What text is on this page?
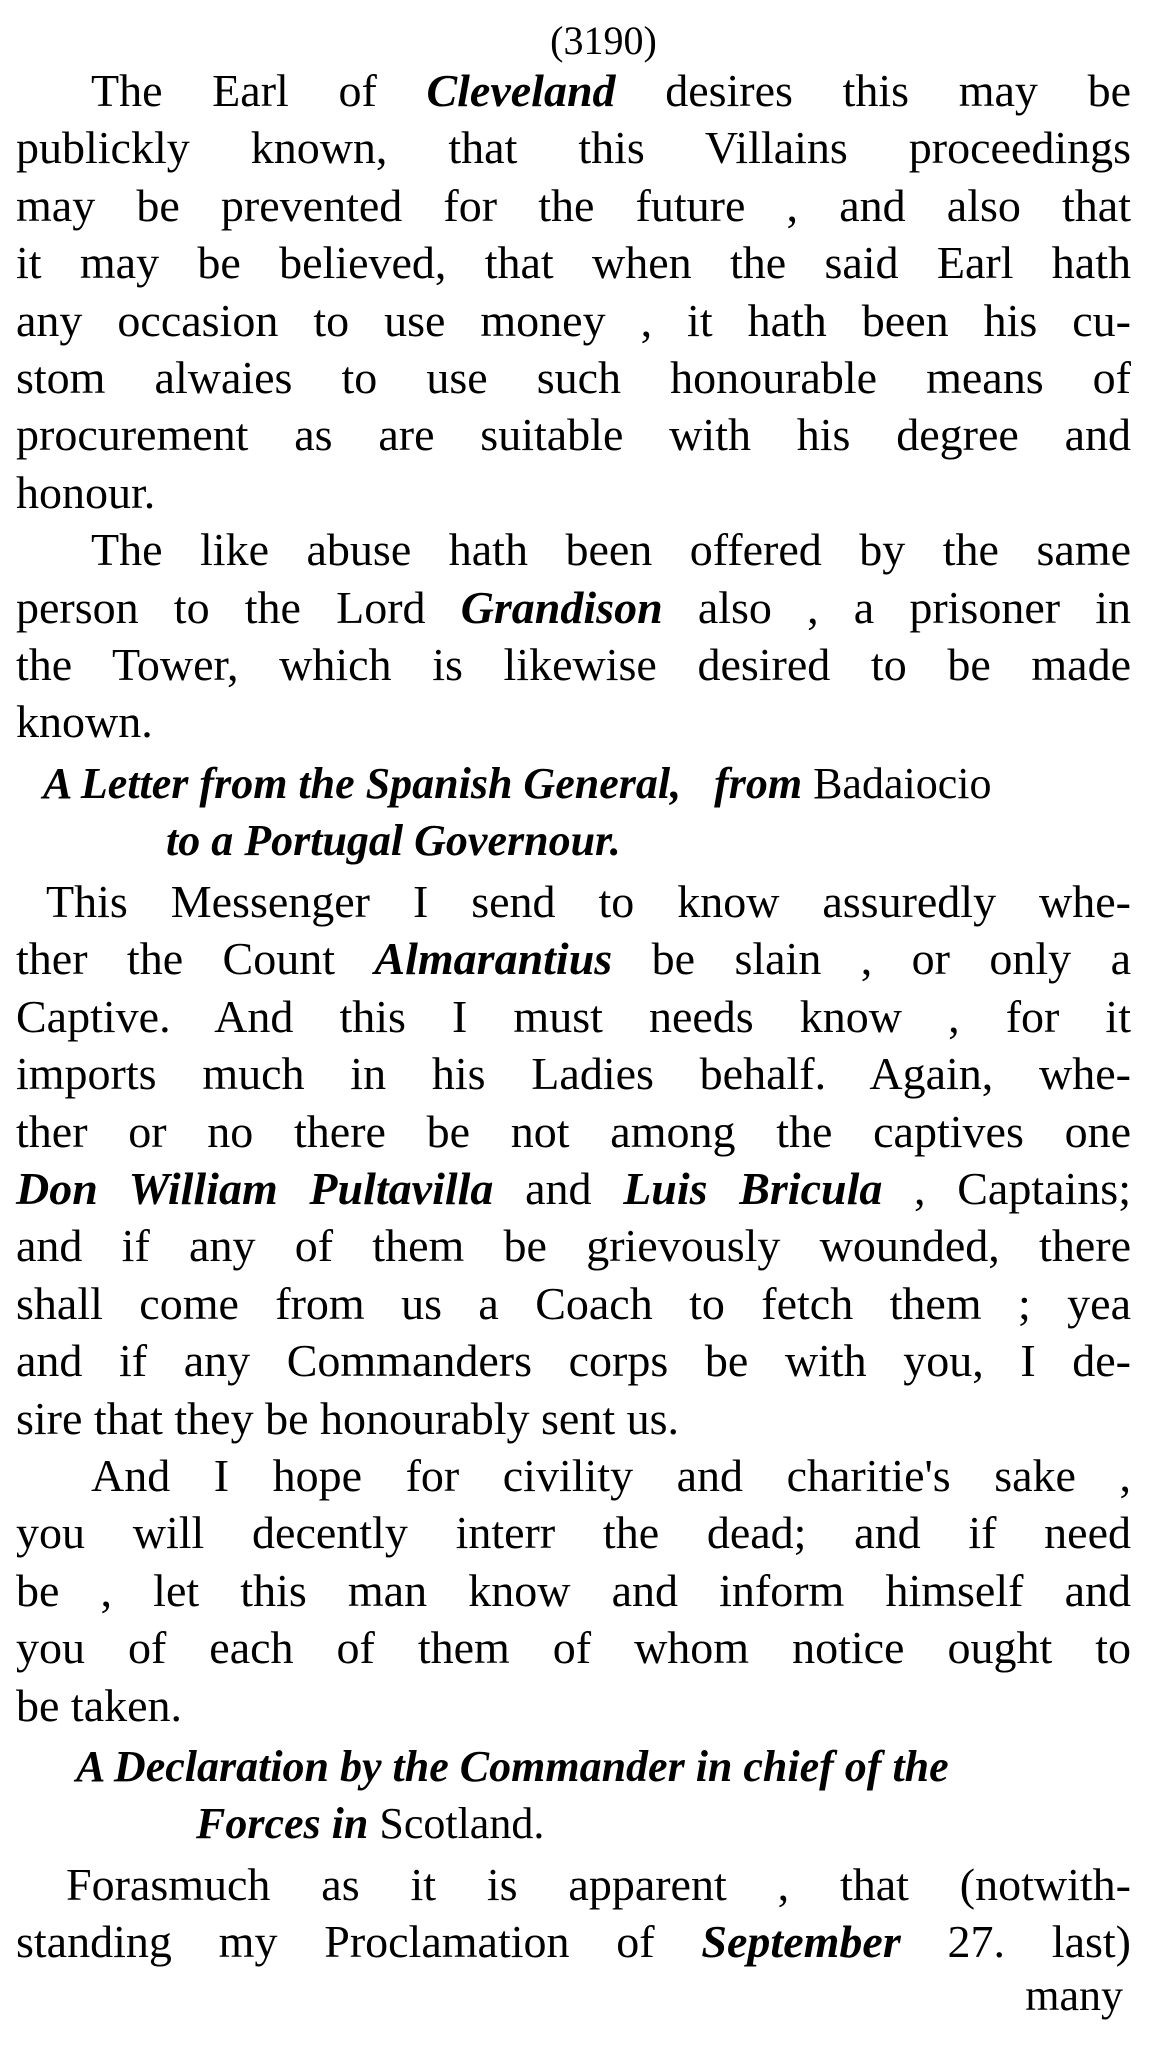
(3190)
The Earl of Cleveland desires this may be
publickly known, that this Villains proceedings
may be prevented for the future , and also that
it may be believed, that when the said Earl hath
any occasion to use money , it hath been his cu-
stom alwaies to use such honourable means of
procurement as are suitable with his degree and
honour.
The like abuse hath been offered by the same
person to the Lord Grandison also , a prisoner in
the Tower, which is likewise desired to be made
known.
A Letter from the Spanish General, from Badaiocio
to a Portugal Governour.
This Messenger I send to know assuredly whe-
ther the Count Almarantius be slain , or only a
Captive. And this I must needs know , for it
imports much in his Ladies behalf. Again, whe-
ther or no there be not among the captives one
Don William Pultavilla and Luis Bricula , Captains;
and if any of them be grievously wounded, there
shall come from us a Coach to fetch them ; yea
and if any Commanders corps be with you, I de-
sire that they be honourably sent us.
And I hope for civility and charitie's sake ,
you will decently interr the dead; and if need
be , let this man know and inform himself and
you of each of them of whom notice ought to
be taken.
A Declaration by the Commander in chief of the
Forces in Scotland.
Forasmuch as it is apparent , that (notwith-
standing my Proclamation of September 27. last)
many
